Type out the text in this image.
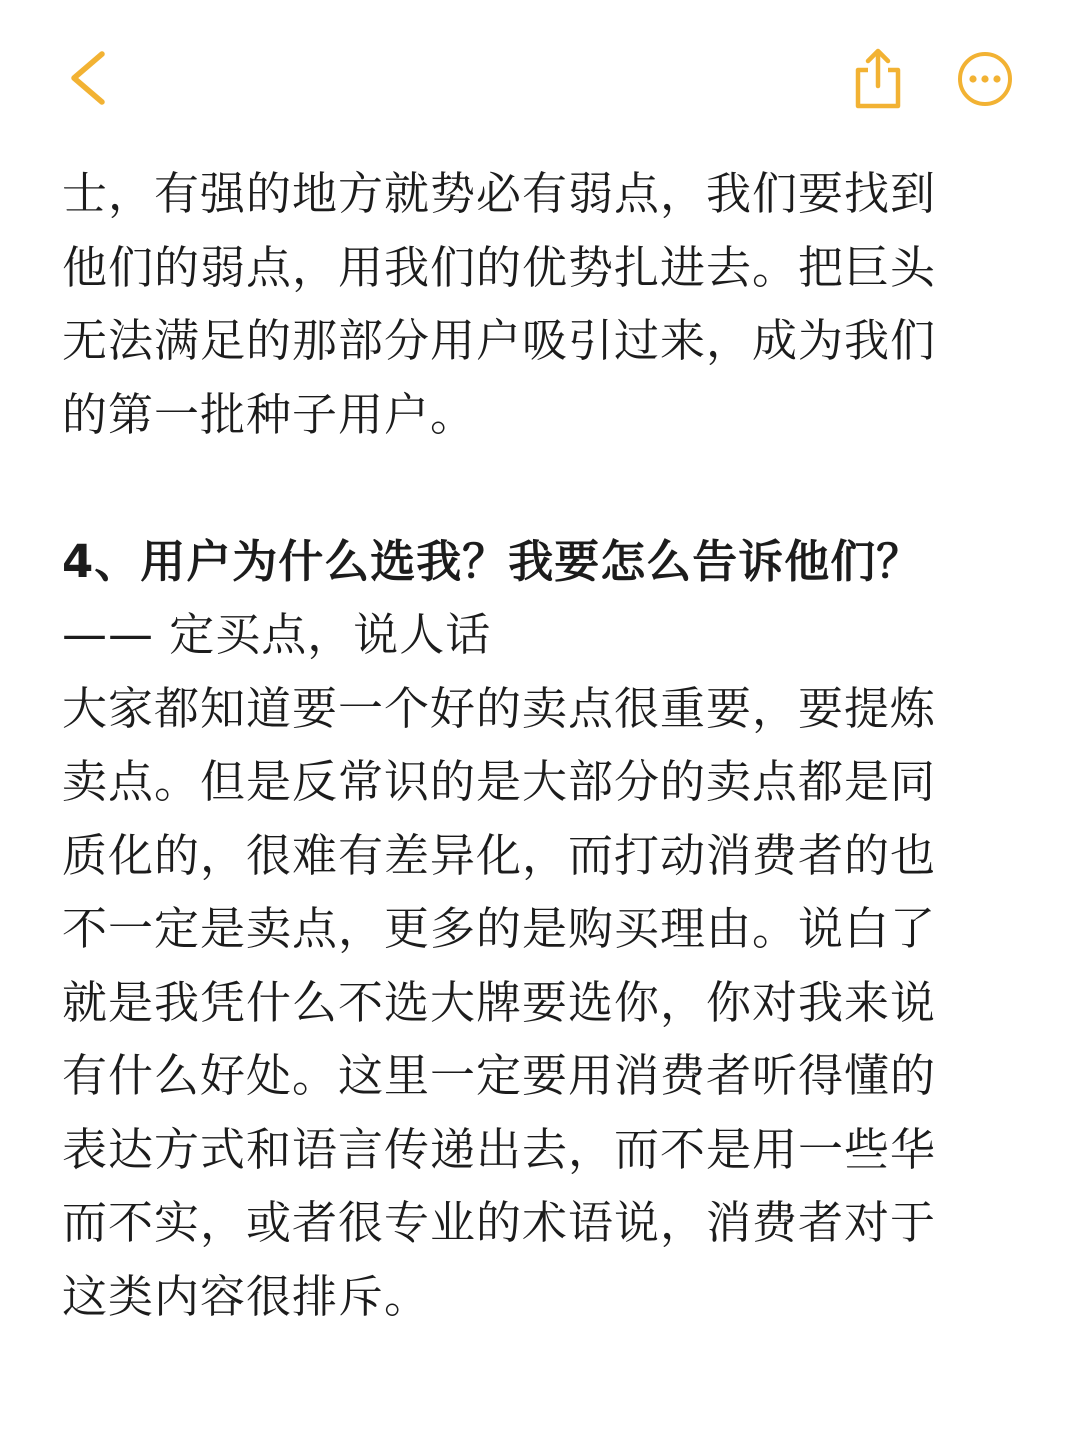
士，有强的地方就势必有弱点，我们要找到

他们的弱点，用我们的优势扎进去。把巨头

无法满足的那部分用户吸引过来，成为我们

的第一批种子用户。

4、用户为什么选我？我要怎么告诉他们？

—— 定买点，说人话

大家都知道要一个好的卖点很重要，要提炼

卖点。但是反常识的是大部分的卖点都是同

质化的，很难有差异化，而打动消费者的也

不一定是卖点，更多的是购买理由。说白了

就是我凭什么不选大牌要选你，你对我来说

有什么好处。这里一定要用消费者听得懂的

表达方式和语言传递出去，而不是用一些华

而不实，或者很专业的术语说，消费者对于

这类内容很排斥。
